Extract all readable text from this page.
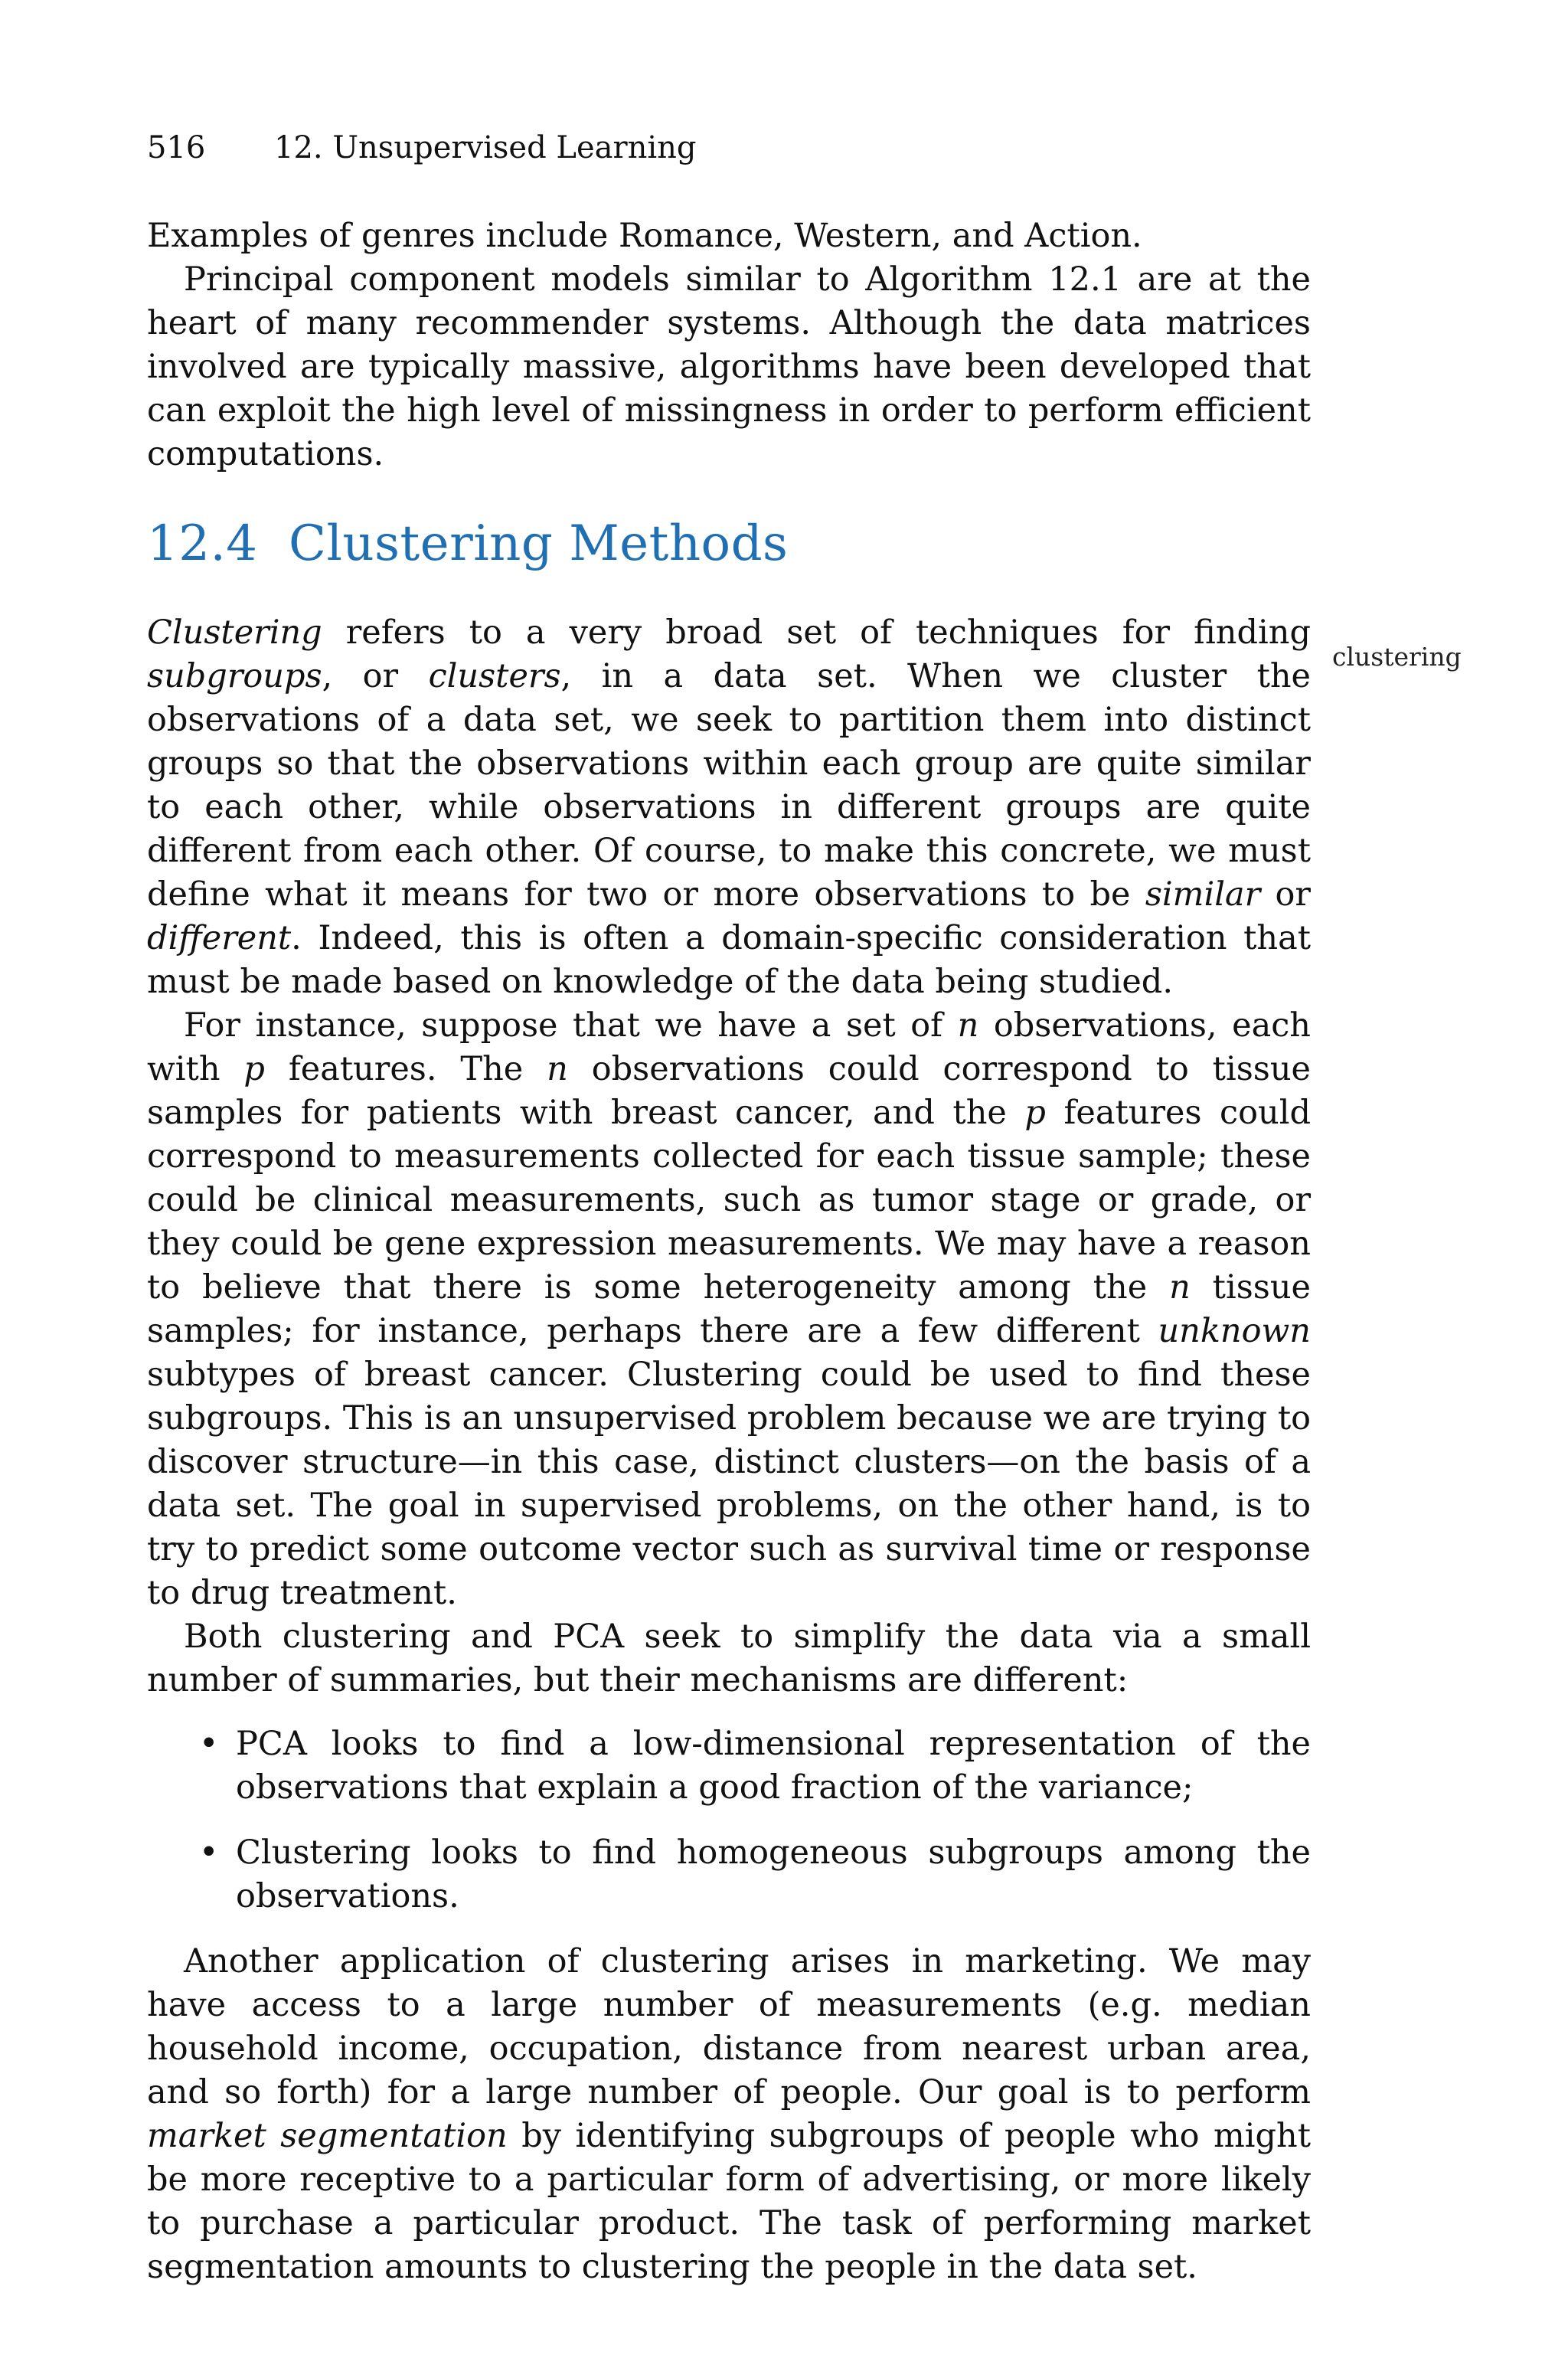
516 12. Unsupervised Learning

Examples of genres include Romance, Western, and Action.

Principal component models similar to Algorithm 12.1 are at the heart of many recommender systems. Although the data matrices involved are typically massive, algorithms have been developed that can exploit the high level of missingness in order to perform efficient computations.

12.4 Clustering Methods
clustering

Clustering refers to a very broad set of techniques for finding subgroups, or clusters, in a data set. When we cluster the observations of a data set, we seek to partition them into distinct groups so that the observations within each group are quite similar to each other, while observations in different groups are quite different from each other. Of course, to make this concrete, we must define what it means for two or more observations to be similar or different. Indeed, this is often a domain-specific consideration that must be made based on knowledge of the data being studied.

For instance, suppose that we have a set of n observations, each with p features. The n observations could correspond to tissue samples for patients with breast cancer, and the p features could correspond to measurements collected for each tissue sample; these could be clinical measurements, such as tumor stage or grade, or they could be gene expression measurements. We may have a reason to believe that there is some heterogeneity among the n tissue samples; for instance, perhaps there are a few different unknown subtypes of breast cancer. Clustering could be used to find these subgroups. This is an unsupervised problem because we are trying to discover structure—in this case, distinct clusters—on the basis of a data set. The goal in supervised problems, on the other hand, is to try to predict some outcome vector such as survival time or response to drug treatment.

Both clustering and PCA seek to simplify the data via a small number of summaries, but their mechanisms are different:

• PCA looks to find a low-dimensional representation of the observations that explain a good fraction of the variance;
• Clustering looks to find homogeneous subgroups among the observations.

Another application of clustering arises in marketing. We may have access to a large number of measurements (e.g. median household income, occupation, distance from nearest urban area, and so forth) for a large number of people. Our goal is to perform market segmentation by identifying subgroups of people who might be more receptive to a particular form of advertising, or more likely to purchase a particular product. The task of performing market segmentation amounts to clustering the people in the data set.
